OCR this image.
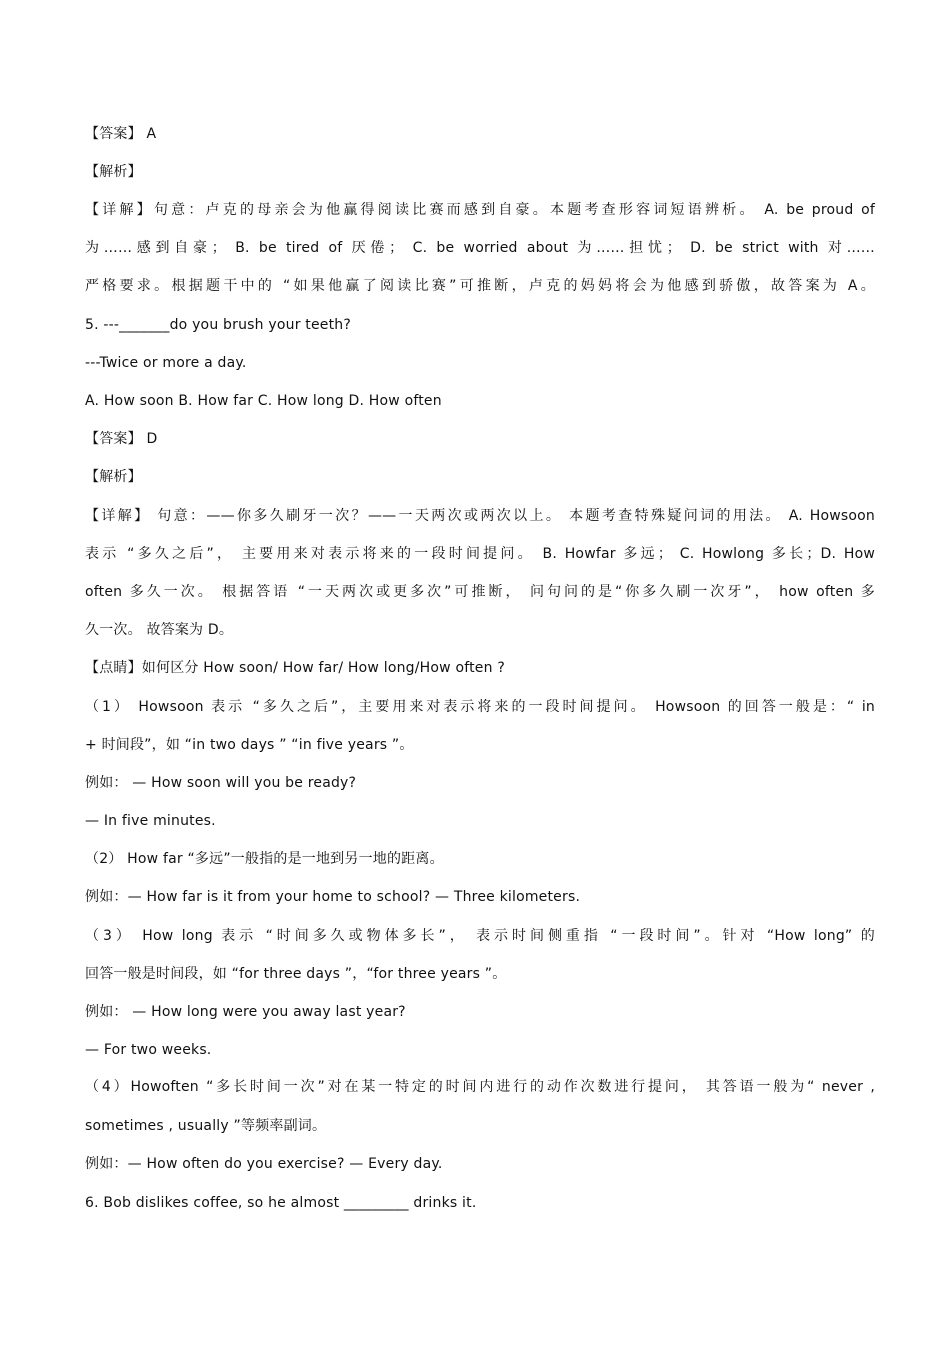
【答案】 A
【解析】
【详解】句意：卢克的母亲会为他赢得阅读比赛而感到自豪。本题考查形容词短语辨析。 A. be proud of
为……感到自豪； B. be tired of 厌倦； C. be worried about 为……担忧； D. be strict with 对……
严格要求。根据题干中的 “如果他赢了阅读比赛”可推断，卢克的妈妈将会为他感到骄傲，故答案为 A。
5. ---_______do you brush your teeth?
---Twice or more a day.
A. How soon B. How far C. How long D. How often
【答案】 D
【解析】
【详解】 句意：——你多久刷牙一次？——一天两次或两次以上。 本题考查特殊疑问词的用法。 A. Howsoon
表示 “多久之后”， 主要用来对表示将来的一段时间提问。 B. Howfar 多远； C. Howlong 多长；D. How
often 多久一次。 根据答语 “一天两次或更多次”可推断， 问句问的是“你多久刷一次牙”， how often 多
久一次。 故答案为 D。
【点睛】如何区分 How soon/ How far/ How long/How often ?
（1） Howsoon 表示 “多久之后”，主要用来对表示将来的一段时间提问。 Howsoon 的回答一般是：“ in
+ 时间段”，如 “in two days ” “in five years ”。
例如： — How soon will you be ready?
— In five minutes.
（2） How far “多远”一般指的是一地到另一地的距离。
例如：— How far is it from your home to school? — Three kilometers.
（3） How long 表示 “时间多久或物体多长”， 表示时间侧重指 “一段时间”。针对 “How long” 的
回答一般是时间段，如 “for three days ”，“for three years ”。
例如： — How long were you away last year?
— For two weeks.
（4）Howoften “多长时间一次”对在某一特定的时间内进行的动作次数进行提问， 其答语一般为“ never ,
sometimes , usually ”等频率副词。
例如：— How often do you exercise? — Every day.
6. Bob dislikes coffee, so he almost _________ drinks it.
